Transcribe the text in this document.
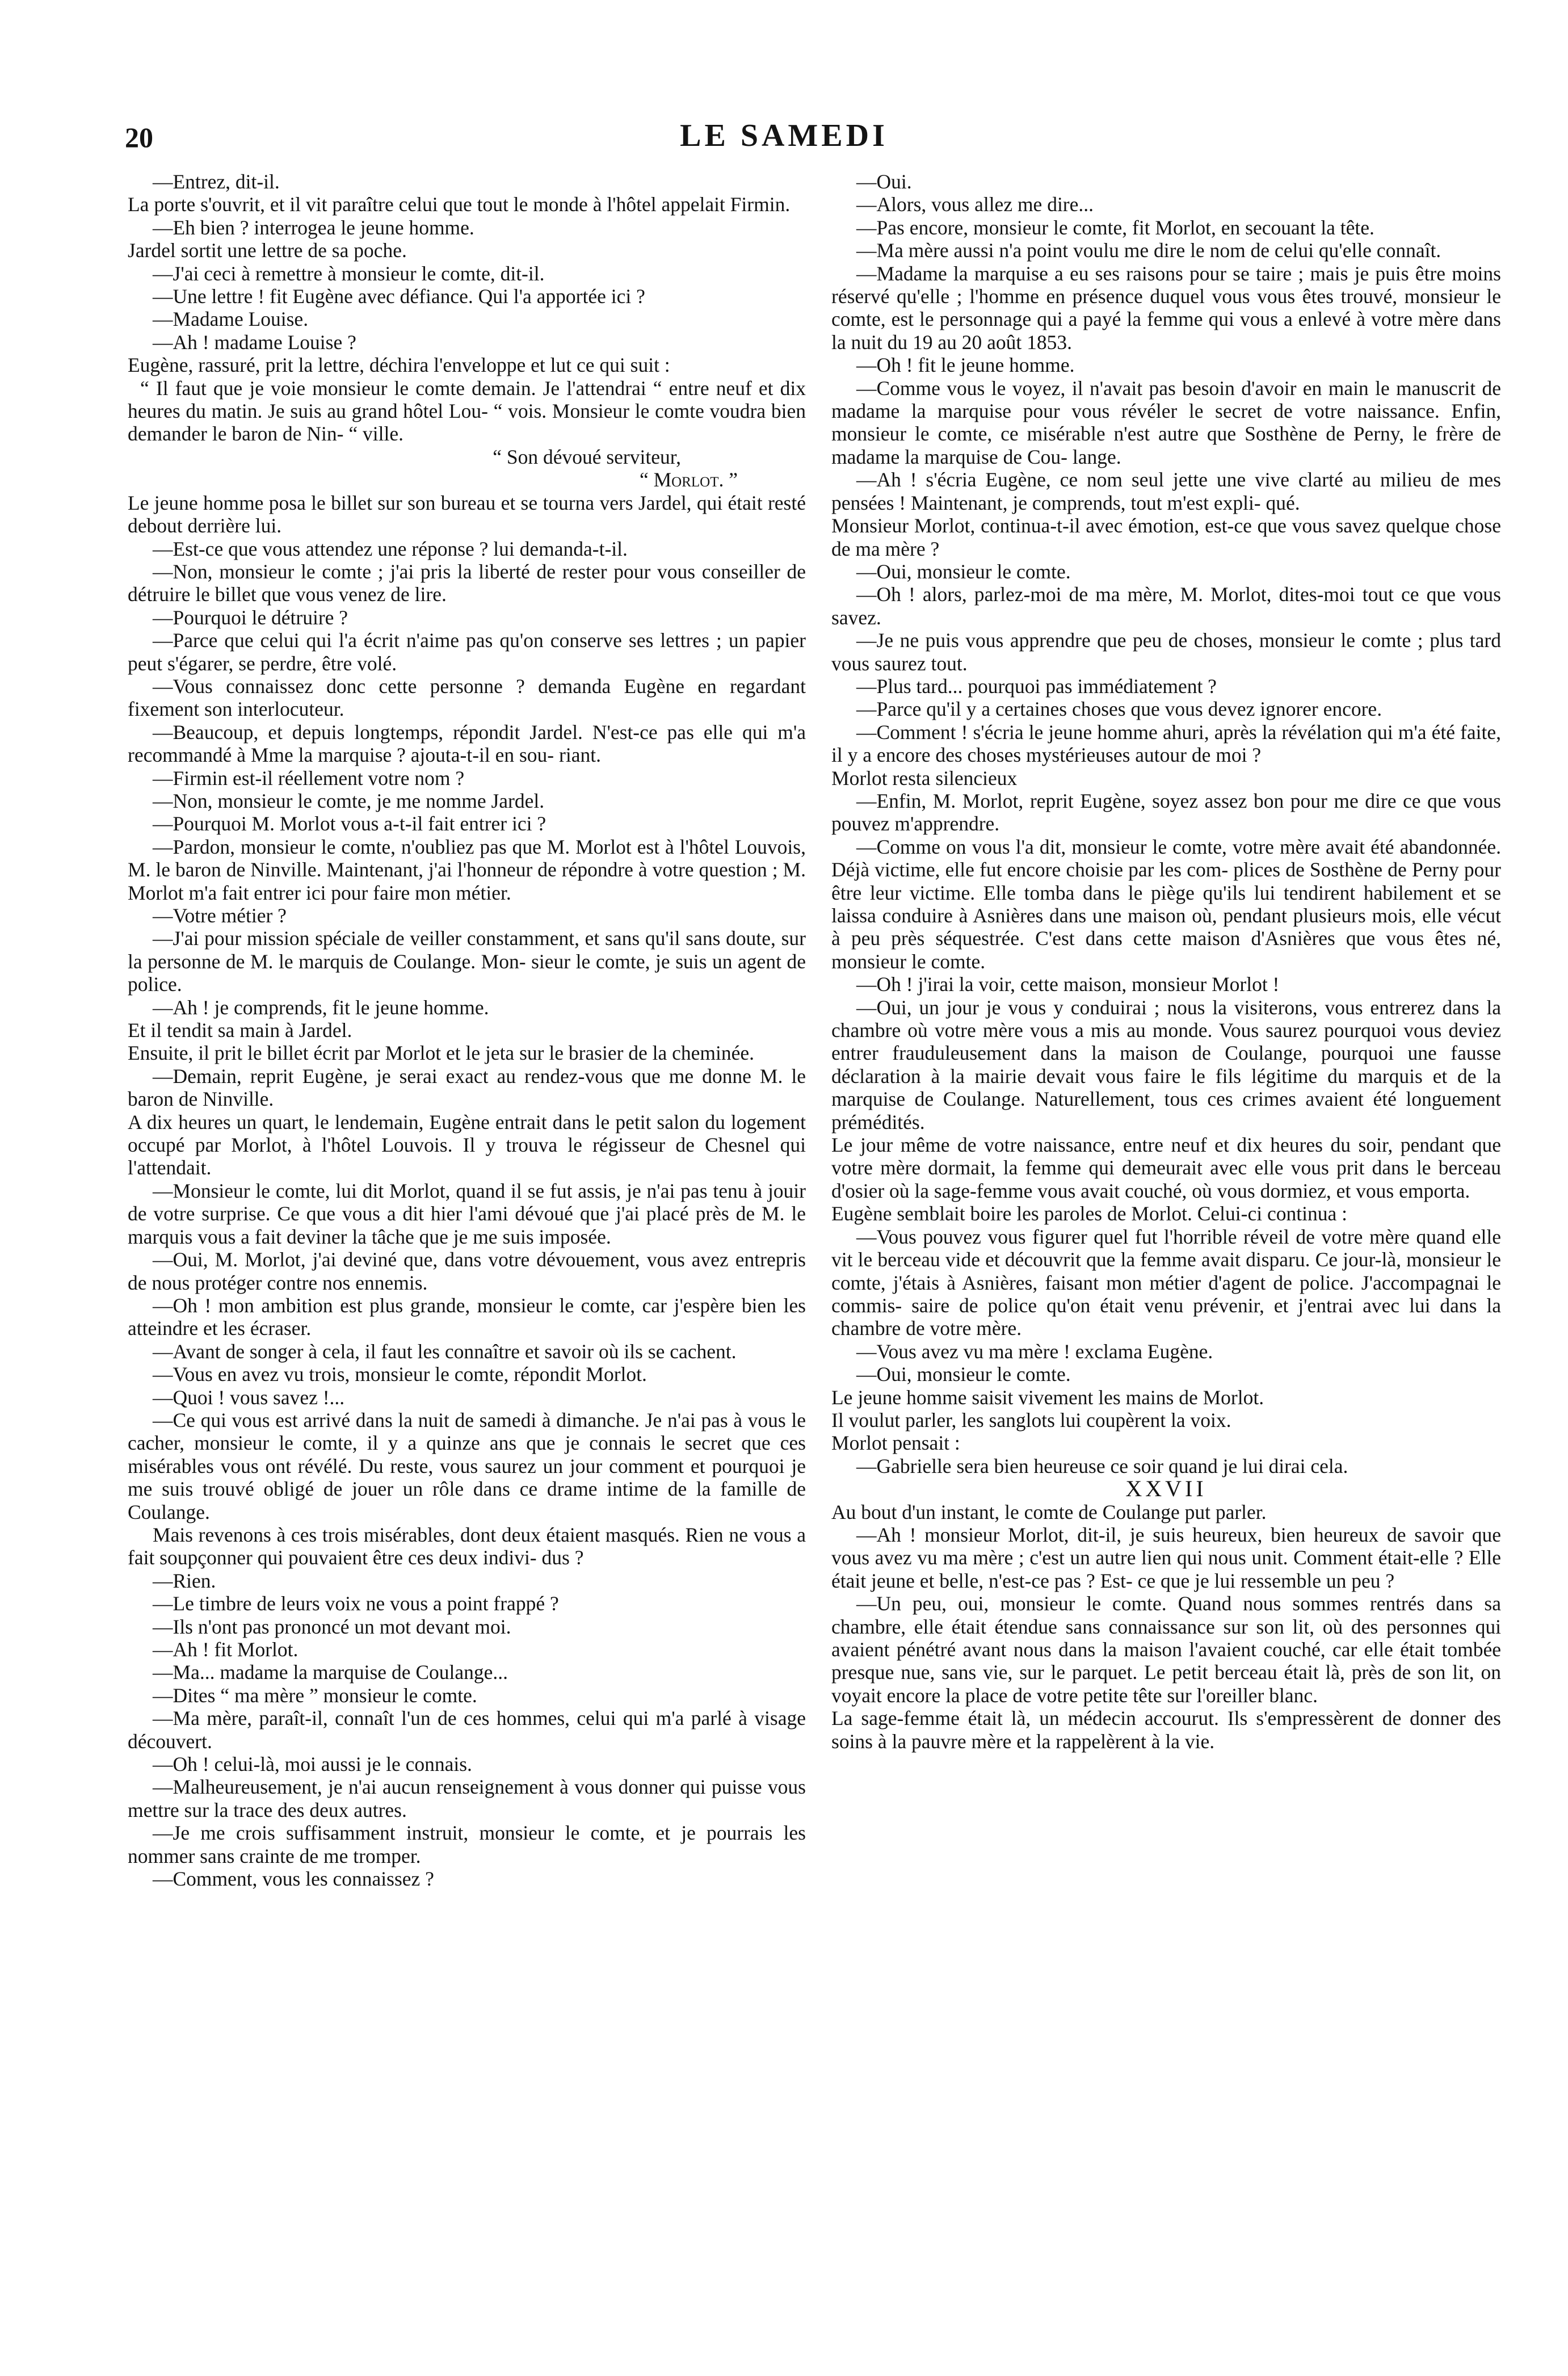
20	LE SAMEDI

—Entrez, dit-il.

La porte s'ouvrit, et il vit paraître celui que tout le monde à l'hôtel appelait Firmin.

—Eh bien ? interrogea le jeune homme.

Jardel sortit une lettre de sa poche.

—J'ai ceci à remettre à monsieur le comte, dit-il.

—Une lettre ! fit Eugène avec défiance. Qui l'a apportée ici ?

—Madame Louise.

—Ah ! madame Louise ?

Eugène, rassuré, prit la lettre, déchira l'enveloppe et lut ce qui suit :

“ Il faut que je voie monsieur le comte demain. Je l'attendrai “ entre neuf et dix heures du matin. Je suis au grand hôtel Lou- “ vois. Monsieur le comte voudra bien demander le baron de Nin- “ ville.

“ Son dévoué serviteur,

“ Morlot. ”

Le jeune homme posa le billet sur son bureau et se tourna vers Jardel, qui était resté debout derrière lui.

—Est-ce que vous attendez une réponse ? lui demanda-t-il.

—Non, monsieur le comte ; j'ai pris la liberté de rester pour vous conseiller de détruire le billet que vous venez de lire.

—Pourquoi le détruire ?

—Parce que celui qui l'a écrit n'aime pas qu'on conserve ses lettres ; un papier peut s'égarer, se perdre, être volé.

—Vous connaissez donc cette personne ? demanda Eugène en regardant fixement son interlocuteur.

—Beaucoup, et depuis longtemps, répondit Jardel. N'est-ce pas elle qui m'a recommandé à Mme la marquise ? ajouta-t-il en sou- riant.

—Firmin est-il réellement votre nom ?

—Non, monsieur le comte, je me nomme Jardel.

—Pourquoi M. Morlot vous a-t-il fait entrer ici ?

—Pardon, monsieur le comte, n'oubliez pas que M. Morlot est à l'hôtel Louvois, M. le baron de Ninville. Maintenant, j'ai l'honneur de répondre à votre question ; M. Morlot m'a fait entrer ici pour faire mon métier.

—Votre métier ?

—J'ai pour mission spéciale de veiller constamment, et sans qu'il sans doute, sur la personne de M. le marquis de Coulange. Mon- sieur le comte, je suis un agent de police.

—Ah ! je comprends, fit le jeune homme.

Et il tendit sa main à Jardel.

Ensuite, il prit le billet écrit par Morlot et le jeta sur le brasier de la cheminée.

—Demain, reprit Eugène, je serai exact au rendez-vous que me donne M. le baron de Ninville.

A dix heures un quart, le lendemain, Eugène entrait dans le petit salon du logement occupé par Morlot, à l'hôtel Louvois. Il y trouva le régisseur de Chesnel qui l'attendait.

—Monsieur le comte, lui dit Morlot, quand il se fut assis, je n'ai pas tenu à jouir de votre surprise. Ce que vous a dit hier l'ami dévoué que j'ai placé près de M. le marquis vous a fait deviner la tâche que je me suis imposée.

—Oui, M. Morlot, j'ai deviné que, dans votre dévouement, vous avez entrepris de nous protéger contre nos ennemis.

—Oh ! mon ambition est plus grande, monsieur le comte, car j'espère bien les atteindre et les écraser.

—Avant de songer à cela, il faut les connaître et savoir où ils se cachent.

—Vous en avez vu trois, monsieur le comte, répondit Morlot.

—Quoi ! vous savez !...

—Ce qui vous est arrivé dans la nuit de samedi à dimanche. Je n'ai pas à vous le cacher, monsieur le comte, il y a quinze ans que je connais le secret que ces misérables vous ont révélé. Du reste, vous saurez un jour comment et pourquoi je me suis trouvé obligé de jouer un rôle dans ce drame intime de la famille de Coulange.

Mais revenons à ces trois misérables, dont deux étaient masqués. Rien ne vous a fait soupçonner qui pouvaient être ces deux indivi- dus ?

—Rien.

—Le timbre de leurs voix ne vous a point frappé ?

—Ils n'ont pas prononcé un mot devant moi.

—Ah ! fit Morlot.

—Ma... madame la marquise de Coulange...

—Dites “ ma mère ” monsieur le comte.

—Ma mère, paraît-il, connaît l'un de ces hommes, celui qui m'a parlé à visage découvert.

—Oh ! celui-là, moi aussi je le connais.

—Malheureusement, je n'ai aucun renseignement à vous donner qui puisse vous mettre sur la trace des deux autres.

—Je me crois suffisamment instruit, monsieur le comte, et je pourrais les nommer sans crainte de me tromper.

—Comment, vous les connaissez ?

—Oui.

—Alors, vous allez me dire...

—Pas encore, monsieur le comte, fit Morlot, en secouant la tête.

—Ma mère aussi n'a point voulu me dire le nom de celui qu'elle connaît.

—Madame la marquise a eu ses raisons pour se taire ; mais je puis être moins réservé qu'elle ; l'homme en présence duquel vous vous êtes trouvé, monsieur le comte, est le personnage qui a payé la femme qui vous a enlevé à votre mère dans la nuit du 19 au 20 août 1853.

—Oh ! fit le jeune homme.

—Comme vous le voyez, il n'avait pas besoin d'avoir en main le manuscrit de madame la marquise pour vous révéler le secret de votre naissance. Enfin, monsieur le comte, ce misérable n'est autre que Sosthène de Perny, le frère de madame la marquise de Cou- lange.

—Ah ! s'écria Eugène, ce nom seul jette une vive clarté au milieu de mes pensées ! Maintenant, je comprends, tout m'est expli- qué.

Monsieur Morlot, continua-t-il avec émotion, est-ce que vous savez quelque chose de ma mère ?

—Oui, monsieur le comte.

—Oh ! alors, parlez-moi de ma mère, M. Morlot, dites-moi tout ce que vous savez.

—Je ne puis vous apprendre que peu de choses, monsieur le comte ; plus tard vous saurez tout.

—Plus tard... pourquoi pas immédiatement ?

—Parce qu'il y a certaines choses que vous devez ignorer encore.

—Comment ! s'écria le jeune homme ahuri, après la révélation qui m'a été faite, il y a encore des choses mystérieuses autour de moi ?

Morlot resta silencieux

—Enfin, M. Morlot, reprit Eugène, soyez assez bon pour me dire ce que vous pouvez m'apprendre.

—Comme on vous l'a dit, monsieur le comte, votre mère avait été abandonnée. Déjà victime, elle fut encore choisie par les com- plices de Sosthène de Perny pour être leur victime. Elle tomba dans le piège qu'ils lui tendirent habilement et se laissa conduire à Asnières dans une maison où, pendant plusieurs mois, elle vécut à peu près séquestrée. C'est dans cette maison d'Asnières que vous êtes né, monsieur le comte.

—Oh ! j'irai la voir, cette maison, monsieur Morlot !

—Oui, un jour je vous y conduirai ; nous la visiterons, vous entrerez dans la chambre où votre mère vous a mis au monde. Vous saurez pourquoi vous deviez entrer frauduleusement dans la maison de Coulange, pourquoi une fausse déclaration à la mairie devait vous faire le fils légitime du marquis et de la marquise de Coulange. Naturellement, tous ces crimes avaient été longuement prémédités.

Le jour même de votre naissance, entre neuf et dix heures du soir, pendant que votre mère dormait, la femme qui demeurait avec elle vous prit dans le berceau d'osier où la sage-femme vous avait couché, où vous dormiez, et vous emporta.

Eugène semblait boire les paroles de Morlot. Celui-ci continua :

—Vous pouvez vous figurer quel fut l'horrible réveil de votre mère quand elle vit le berceau vide et découvrit que la femme avait disparu. Ce jour-là, monsieur le comte, j'étais à Asnières, faisant mon métier d'agent de police. J'accompagnai le commis- saire de police qu'on était venu prévenir, et j'entrai avec lui dans la chambre de votre mère.

—Vous avez vu ma mère ! exclama Eugène.

—Oui, monsieur le comte.

Le jeune homme saisit vivement les mains de Morlot.

Il voulut parler, les sanglots lui coupèrent la voix.

Morlot pensait :

—Gabrielle sera bien heureuse ce soir quand je lui dirai cela.

XXVII

Au bout d'un instant, le comte de Coulange put parler.

—Ah ! monsieur Morlot, dit-il, je suis heureux, bien heureux de savoir que vous avez vu ma mère ; c'est un autre lien qui nous unit. Comment était-elle ? Elle était jeune et belle, n'est-ce pas ? Est- ce que je lui ressemble un peu ?

—Un peu, oui, monsieur le comte. Quand nous sommes rentrés dans sa chambre, elle était étendue sans connaissance sur son lit, où des personnes qui avaient pénétré avant nous dans la maison l'avaient couché, car elle était tombée presque nue, sans vie, sur le parquet. Le petit berceau était là, près de son lit, on voyait encore la place de votre petite tête sur l'oreiller blanc.

La sage-femme était là, un médecin accourut. Ils s'empressèrent de donner des soins à la pauvre mère et la rappelèrent à la vie.
